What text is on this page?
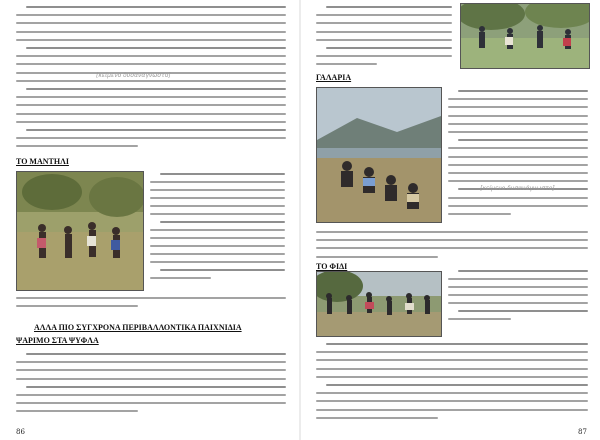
ΤΟ ΜΑΝΤΗΛΙ
ΑΛΛΑ ΠΙΟ ΣΥΓΧΡΟΝΑ ΠΕΡΙΒΑΛΛΟΝΤΙΚΑ ΠΑΙΧΝΙΔΙΑ
ΨΑΡΙΜΟ ΣΤΑ ΨΥΦΛΑ
[κείμενο δυσανάγνωστο]
86
ΓΑΛΑΡΙΑ
ΤΟ ΦΙΔΙ
[κείμενο δυσανάγνωστο]
87
